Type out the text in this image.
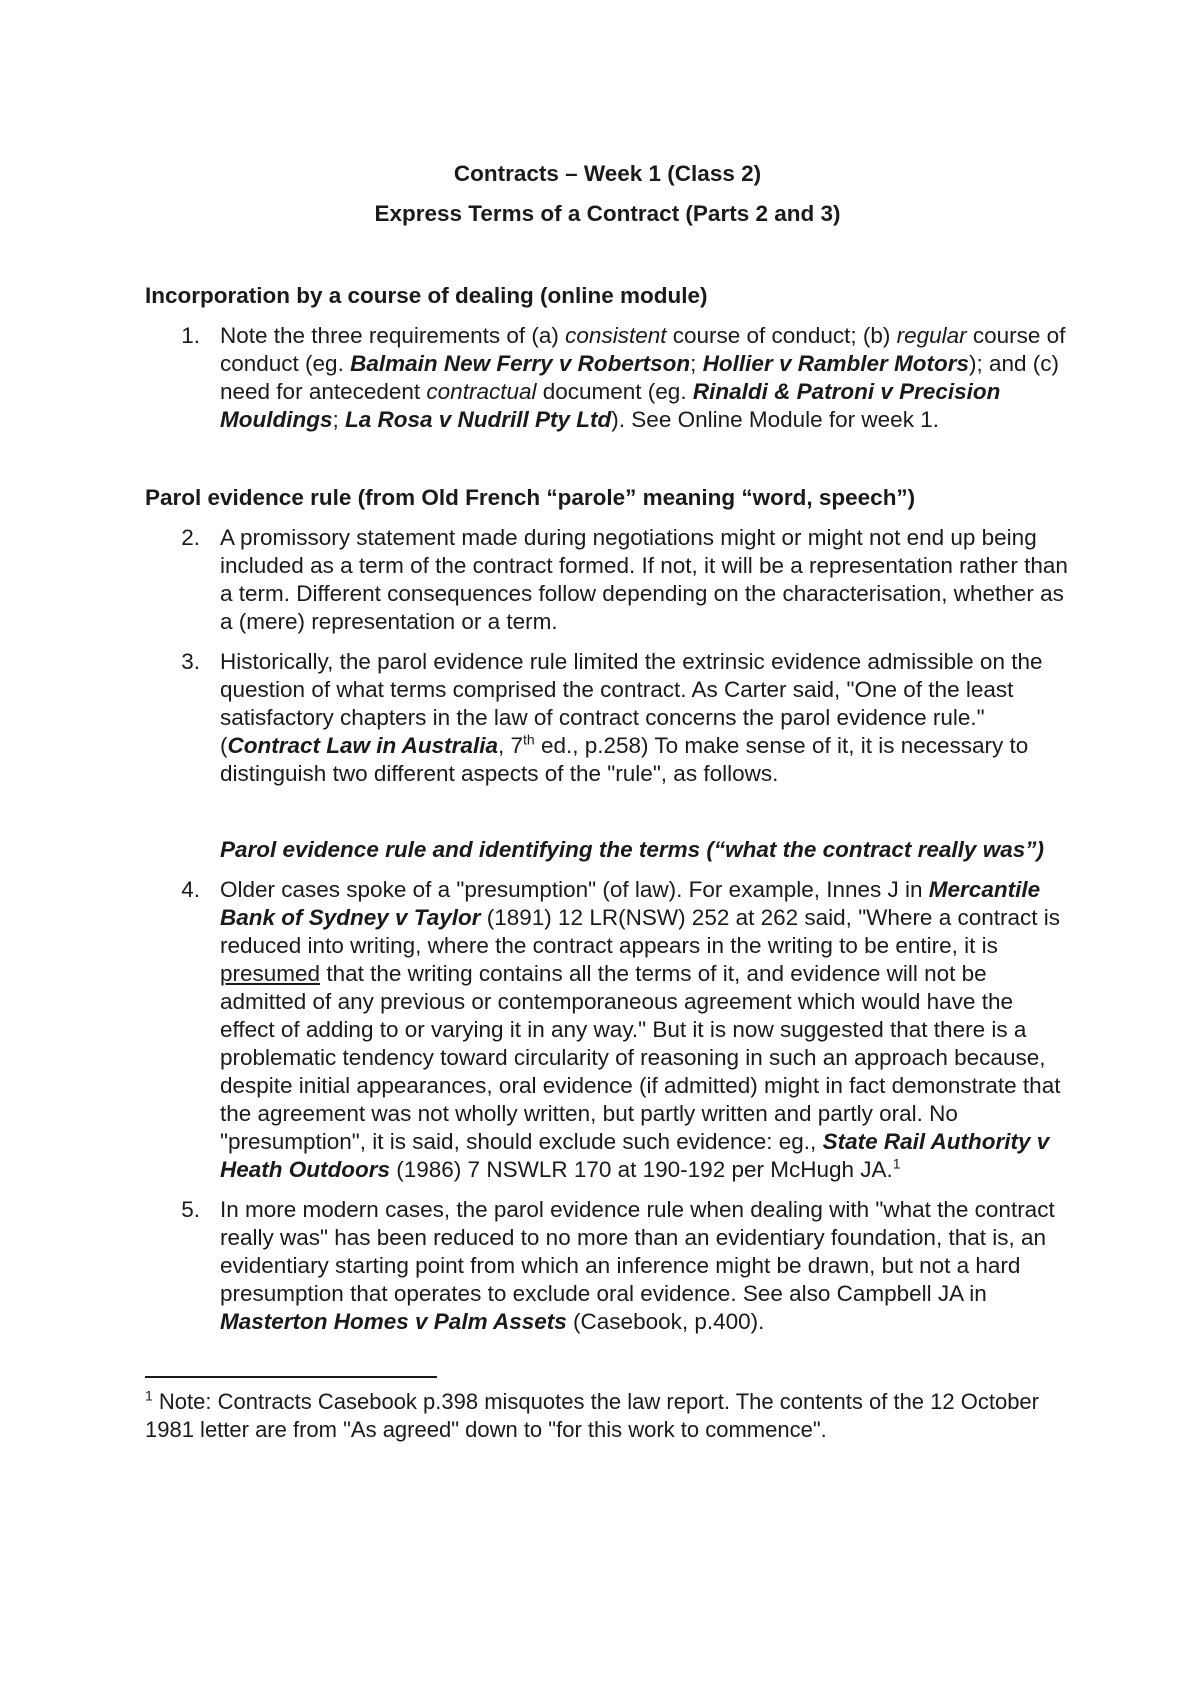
Contracts – Week 1 (Class 2)

Express Terms of a Contract (Parts 2 and 3)

Incorporation by a course of dealing (online module)

1. Note the three requirements of (a) consistent course of conduct; (b) regular course of conduct (eg. Balmain New Ferry v Robertson; Hollier v Rambler Motors); and (c) need for antecedent contractual document (eg. Rinaldi & Patroni v Precision Mouldings; La Rosa v Nudrill Pty Ltd). See Online Module for week 1.

Parol evidence rule (from Old French “parole” meaning “word, speech”)

2. A promissory statement made during negotiations might or might not end up being included as a term of the contract formed. If not, it will be a representation rather than a term. Different consequences follow depending on the characterisation, whether as a (mere) representation or a term.
3. Historically, the parol evidence rule limited the extrinsic evidence admissible on the question of what terms comprised the contract. As Carter said, "One of the least satisfactory chapters in the law of contract concerns the parol evidence rule." (Contract Law in Australia, 7th ed., p.258) To make sense of it, it is necessary to distinguish two different aspects of the "rule", as follows.

Parol evidence rule and identifying the terms (“what the contract really was”)

4. Older cases spoke of a "presumption" (of law). For example, Innes J in Mercantile Bank of Sydney v Taylor (1891) 12 LR(NSW) 252 at 262 said, "Where a contract is reduced into writing, where the contract appears in the writing to be entire, it is presumed that the writing contains all the terms of it, and evidence will not be admitted of any previous or contemporaneous agreement which would have the effect of adding to or varying it in any way." But it is now suggested that there is a problematic tendency toward circularity of reasoning in such an approach because, despite initial appearances, oral evidence (if admitted) might in fact demonstrate that the agreement was not wholly written, but partly written and partly oral. No "presumption", it is said, should exclude such evidence: eg., State Rail Authority v Heath Outdoors (1986) 7 NSWLR 170 at 190-192 per McHugh JA.$^1$
5. In more modern cases, the parol evidence rule when dealing with "what the contract really was" has been reduced to no more than an evidentiary foundation, that is, an evidentiary starting point from which an inference might be drawn, but not a hard presumption that operates to exclude oral evidence. See also Campbell JA in Masterton Homes v Palm Assets (Casebook, p.400).
$^1$ Note: Contracts Casebook p.398 misquotes the law report. The contents of the 12 October 1981 letter are from "As agreed" down to "for this work to commence".
